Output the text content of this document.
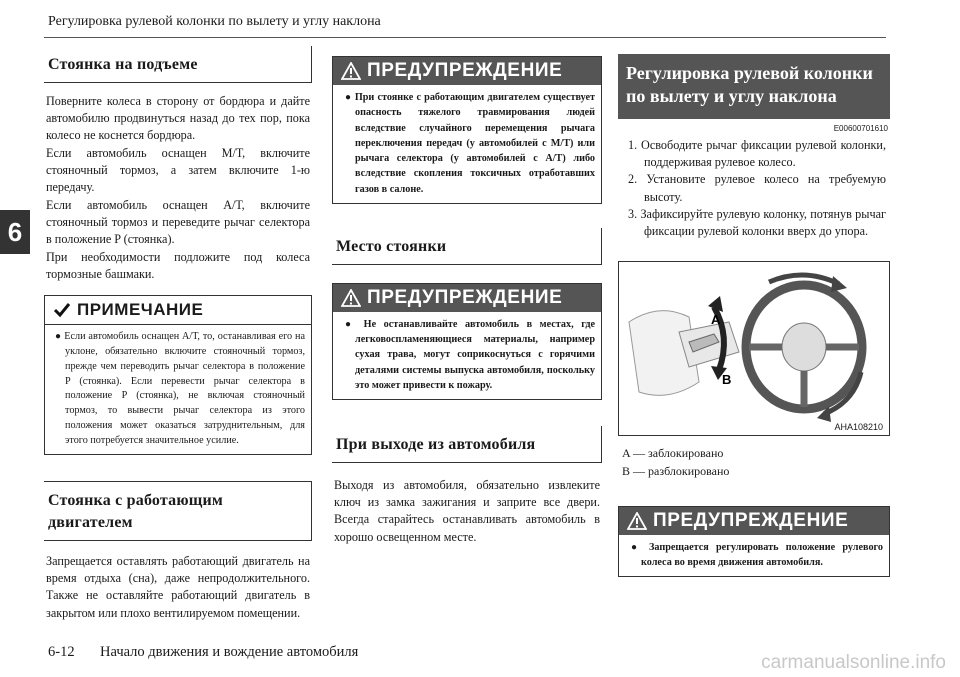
Регулировка рулевой колонки по вылету и углу наклона
6
Стоянка на подъеме

Поверните колеса в сторону от бордюра и дайте автомобилю продвинуться назад до тех пор, пока колесо не коснется бордюра.

Если автомобиль оснащен М/Т, включите стояночный тормоз, а затем включите 1-ю передачу.

Если автомобиль оснащен А/Т, включите стояночный тормоз и переведите рычаг селектора в положение P (стоянка).

При необходимости подложите под колеса тормозные башмаки.

ПРИМЕЧАНИЕ
● Если автомобиль оснащен А/Т, то, останавливая его на уклоне, обязательно включите стояночный тормоз, прежде чем переводить рычаг селектора в положение P (стоянка). Если перевести рычаг селектора в положение P (стоянка), не включая стояночный тормоз, то вывести рычаг селектора из этого положения может оказаться затруднительным, для этого потребуется значительное усилие.
Стоянка с работающим двигателем

Запрещается оставлять работающий двигатель на время отдыха (сна), даже непродолжительного. Также не оставляйте работающий двигатель в закрытом или плохо вентилируемом помещении.

ПРЕДУПРЕЖДЕНИЕ
● При стоянке с работающим двигателем существует опасность тяжелого травмирования людей вследствие случайного перемещения рычага переключения передач (у автомобилей с М/Т) или рычага селектора (у автомобилей с А/Т) либо вследствие скопления токсичных отработавших газов в салоне.
Место стоянки
ПРЕДУПРЕЖДЕНИЕ
● Не останавливайте автомобиль в местах, где легковоспламеняющиеся материалы, например сухая трава, могут соприкоснуться с горячими деталями системы выпуска автомобиля, поскольку это может привести к пожару.
При выходе из автомобиля

Выходя из автомобиля, обязательно извлеките ключ из замка зажигания и заприте все двери. Всегда старайтесь останавливать автомобиль в хорошо освещенном месте.

Регулировка рулевой колонки по вылету и углу наклона
E00600701610
1. Освободите рычаг фиксации рулевой колонки, поддерживая рулевое колесо.
2. Установите рулевое колесо на требуемую высоту.
3. Зафиксируйте рулевую колонку, потянув рычаг фиксации рулевой колонки вверх до упора.
A
B
AHA108210
A — заблокировано
B — разблокировано
ПРЕДУПРЕЖДЕНИЕ
● Запрещается регулировать положение рулевого колеса во время движения автомобиля.
6-12 Начало движения и вождение автомобиля	carmanualsonline.info
